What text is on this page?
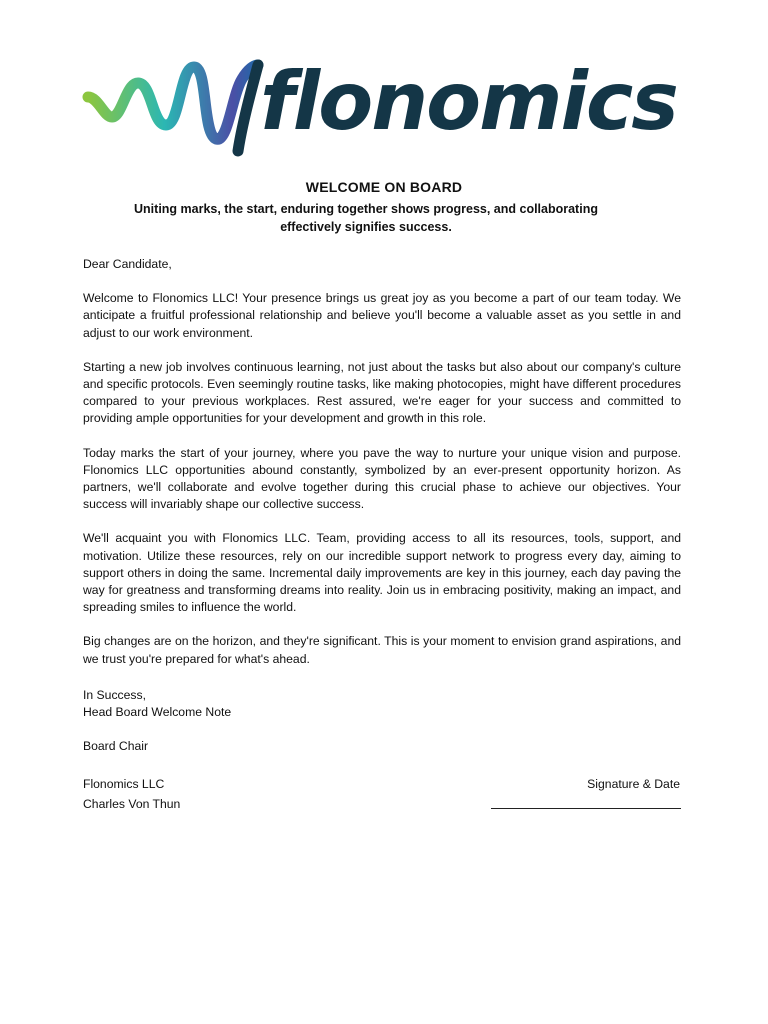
flonomics
WELCOME ON BOARD
Uniting marks, the start, enduring together shows progress, and collaborating effectively signifies success.

Dear Candidate,

Welcome to Flonomics LLC! Your presence brings us great joy as you become a part of our team today. We anticipate a fruitful professional relationship and believe you'll become a valuable asset as you settle in and adjust to our work environment.

Starting a new job involves continuous learning, not just about the tasks but also about our company's culture and specific protocols. Even seemingly routine tasks, like making photocopies, might have different procedures compared to your previous workplaces. Rest assured, we're eager for your success and committed to providing ample opportunities for your development and growth in this role.

Today marks the start of your journey, where you pave the way to nurture your unique vision and purpose. Flonomics LLC opportunities abound constantly, symbolized by an ever-present opportunity horizon. As partners, we'll collaborate and evolve together during this crucial phase to achieve our objectives. Your success will invariably shape our collective success.

We'll acquaint you with Flonomics LLC. Team, providing access to all its resources, tools, support, and motivation. Utilize these resources, rely on our incredible support network to progress every day, aiming to support others in doing the same. Incremental daily improvements are key in this journey, each day paving the way for greatness and transforming dreams into reality. Join us in embracing positivity, making an impact, and spreading smiles to influence the world.

Big changes are on the horizon, and they're significant. This is your moment to envision grand aspirations, and we trust you're prepared for what's ahead.

In Success,
Head Board Welcome Note
Board Chair
Flonomics LLC
Charles Von Thun
Signature & Date
